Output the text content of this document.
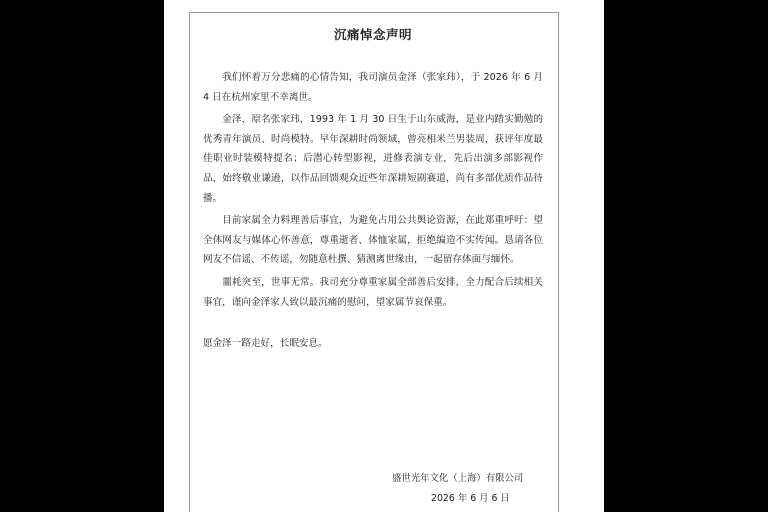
沉痛悼念声明

我们怀着万分悲痛的心情告知，我司演员金泽（张家玮），于 2026 年 6 月 4 日在杭州家里不幸离世。

金泽，原名张家玮，1993 年 1 月 30 日生于山东威海，是业内踏实勤勉的优秀青年演员、时尚模特。早年深耕时尚领域，曾亮相米兰男装周，获评年度最佳职业时装模特提名；后潜心转型影视，进修表演专业，先后出演多部影视作品，始终敬业谦逊，以作品回馈观众近些年深耕短剧赛道，尚有多部优质作品待播。

目前家属全力料理善后事宜，为避免占用公共舆论资源，在此郑重呼吁：望全体网友与媒体心怀善意，尊重逝者、体恤家属，拒绝编造不实传闻。恳请各位网友不信谣、不传谣，勿随意杜撰、猜测离世缘由，一起留存体面与缅怀。

噩耗突至，世事无常。我司充分尊重家属全部善后安排，全力配合后续相关事宜，谨向金泽家人致以最沉痛的慰问，望家属节哀保重。

愿金泽一路走好，长眠安息。
盛世光年文化（上海）有限公司
2026 年 6 月 6 日
